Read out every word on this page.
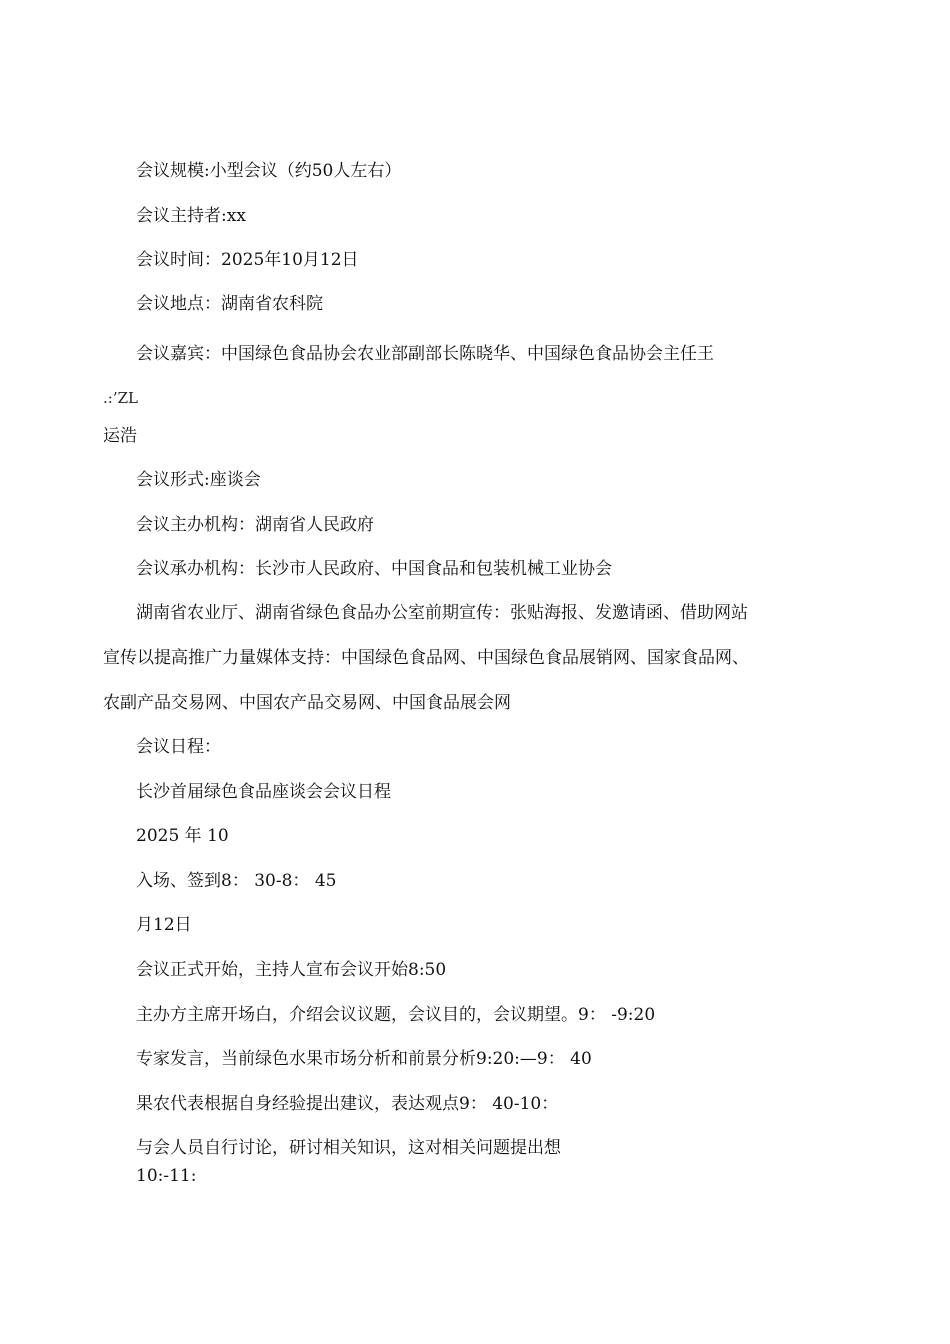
会议规模:小型会议（约50人左右）
会议主持者:xx
会议时间：2025年10月12日
会议地点：湖南省农科院
会议嘉宾：中国绿色食品协会农业部副部长陈晓华、中国绿色食品协会主任王
.:’ZL
运浩
会议形式:座谈会
会议主办机构：湖南省人民政府
会议承办机构：长沙市人民政府、中国食品和包装机械工业协会
湖南省农业厅、湖南省绿色食品办公室前期宣传：张贴海报、发邀请函、借助网站
宣传以提高推广力量媒体支持：中国绿色食品网、中国绿色食品展销网、国家食品网、
农副产品交易网、中国农产品交易网、中国食品展会网
会议日程：
长沙首届绿色食品座谈会会议日程
2025 年 10
入场、签到8： 30-8： 45
月12日
会议正式开始，主持人宣布会议开始8:50
主办方主席开场白，介绍会议议题，会议目的，会议期望。9： -9:20
专家发言，当前绿色水果市场分析和前景分析9:20:—9： 40
果农代表根据自身经验提出建议，表达观点9： 40-10：
与会人员自行讨论，研讨相关知识，这对相关问题提出想
10:-11:
